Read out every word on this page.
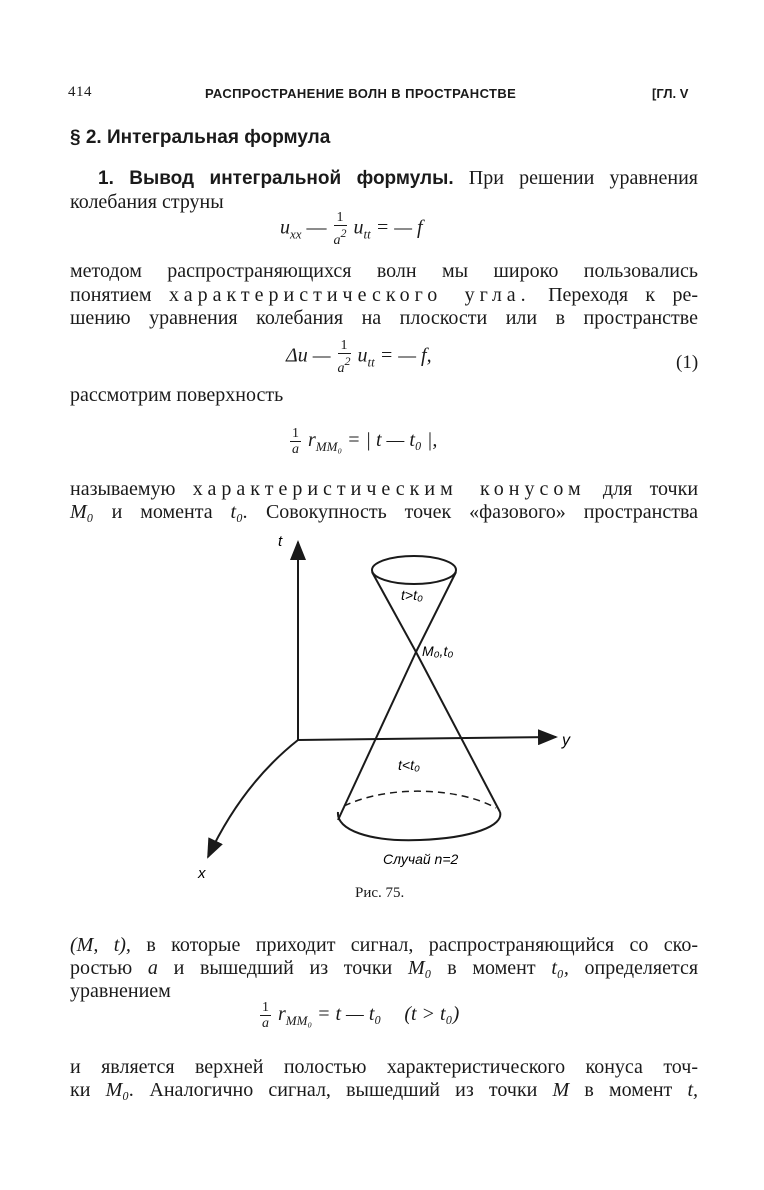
414	РАСПРОСТРАНЕНИЕ ВОЛН В ПРОСТРАНСТВЕ	[ГЛ. V
§ 2. Интегральная формула
1. Вывод интегральной формулы. При решении уравнения
колебания струны
$u_{xx}$ — $\frac{1}{a2} u_{tt}$ = — f
методом распространяющихся волн мы широко пользовались
понятием характеристического угла. Переходя к ре-
шению уравнения колебания на плоскости или в пространстве
Δu — $\frac{1}{a2} u_{tt}$ = — f,	(1)
рассмотрим поверхность
$\frac{1}{a} r_{MM_0}$ = | t — t₀ |,
называемую характеристическим конусом для точки
M₀ и момента t₀. Совокупность точек «фазового» пространства
t
y
x
t>t₀
M₀,t₀
t<t₀
Случай n=2
Рис. 75.
(M, t), в которые приходит сигнал, распространяющийся со ско-
ростью a и вышедший из точки M₀ в момент t₀, определяется
уравнением
$\frac{1}{a} r_{MM_0} = t$ — t₀ (t > t₀)
и является верхней полостью характеристического конуса точ-
ки M₀. Аналогично сигнал, вышедший из точки M в момент t,
